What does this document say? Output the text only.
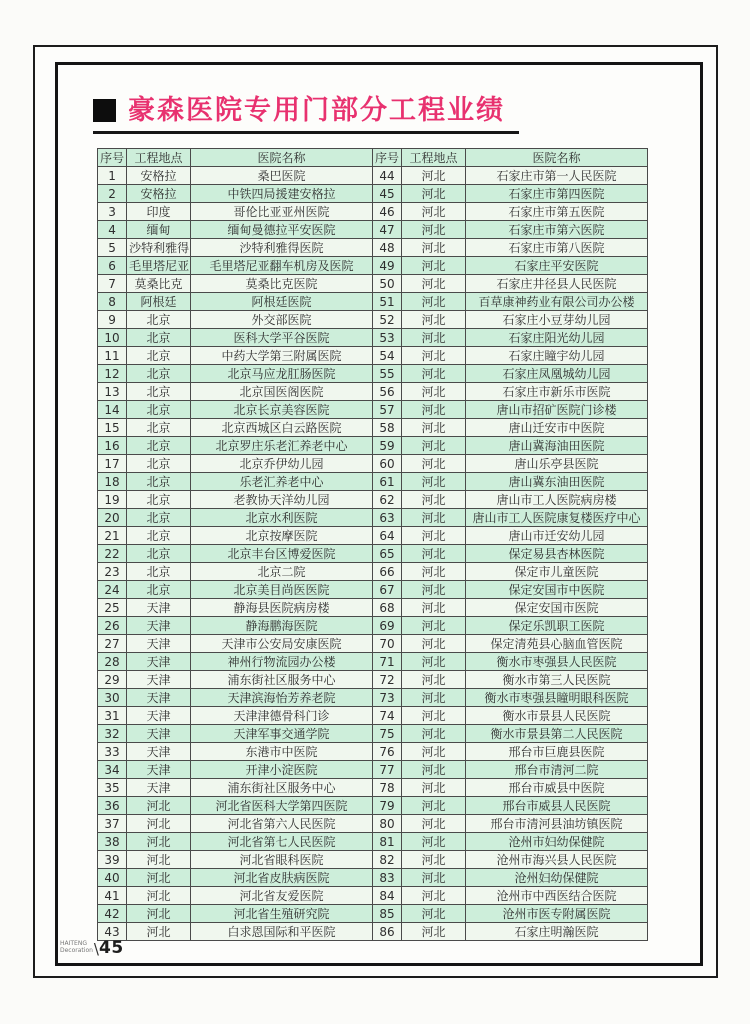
豪森医院专用门部分工程业绩
序号	工程地点	医院名称	序号	工程地点	医院名称
1	安格拉	桑巴医院	44	河北	石家庄市第一人民医院
2	安格拉	中铁四局援建安格拉	45	河北	石家庄市第四医院
3	印度	哥伦比亚亚州医院	46	河北	石家庄市第五医院
4	缅甸	缅甸曼德拉平安医院	47	河北	石家庄市第六医院
5	沙特利雅得	沙特利雅得医院	48	河北	石家庄市第八医院
6	毛里塔尼亚	毛里塔尼亚翻车机房及医院	49	河北	石家庄平安医院
7	莫桑比克	莫桑比克医院	50	河北	石家庄井径县人民医院
8	阿根廷	阿根廷医院	51	河北	百草康神药业有限公司办公楼
9	北京	外交部医院	52	河北	石家庄小豆芽幼儿园
10	北京	医科大学平谷医院	53	河北	石家庄阳光幼儿园
11	北京	中药大学第三附属医院	54	河北	石家庄瞳宇幼儿园
12	北京	北京马应龙肛肠医院	55	河北	石家庄凤凰城幼儿园
13	北京	北京国医阁医院	56	河北	石家庄市新乐市医院
14	北京	北京长京美容医院	57	河北	唐山市招矿医院门诊楼
15	北京	北京西城区白云路医院	58	河北	唐山迁安市中医院
16	北京	北京罗庄乐老汇养老中心	59	河北	唐山冀海油田医院
17	北京	北京乔伊幼儿园	60	河北	唐山乐亭县医院
18	北京	乐老汇养老中心	61	河北	唐山冀东油田医院
19	北京	老教协天洋幼儿园	62	河北	唐山市工人医院病房楼
20	北京	北京水利医院	63	河北	唐山市工人医院康复楼医疗中心
21	北京	北京按摩医院	64	河北	唐山市迁安幼儿园
22	北京	北京丰台区博爱医院	65	河北	保定易县杏林医院
23	北京	北京二院	66	河北	保定市儿童医院
24	北京	北京美目尚医医院	67	河北	保定安国市中医院
25	天津	静海县医院病房楼	68	河北	保定安国市医院
26	天津	静海鹏海医院	69	河北	保定乐凯职工医院
27	天津	天津市公安局安康医院	70	河北	保定清苑县心脑血管医院
28	天津	神州行物流园办公楼	71	河北	衡水市枣强县人民医院
29	天津	浦东街社区服务中心	72	河北	衡水市第三人民医院
30	天津	天津滨海怡芳养老院	73	河北	衡水市枣强县瞳明眼科医院
31	天津	天津津德骨科门诊	74	河北	衡水市景县人民医院
32	天津	天津军事交通学院	75	河北	衡水市景县第二人民医院
33	天津	东港市中医院	76	河北	邢台市巨鹿县医院
34	天津	开津小淀医院	77	河北	邢台市清河二院
35	天津	浦东街社区服务中心	78	河北	邢台市威县中医院
36	河北	河北省医科大学第四医院	79	河北	邢台市威县人民医院
37	河北	河北省第六人民医院	80	河北	邢台市清河县油坊镇医院
38	河北	河北省第七人民医院	81	河北	沧州市妇幼保健院
39	河北	河北省眼科医院	82	河北	沧州市海兴县人民医院
40	河北	河北省皮肤病医院	83	河北	沧州妇幼保健院
41	河北	河北省友爱医院	84	河北	沧州市中西医结合医院
42	河北	河北省生殖研究院	85	河北	沧州市医专附属医院
43	河北	白求恩国际和平医院	86	河北	石家庄明瀚医院
HAITENG
Decoration \ 45
